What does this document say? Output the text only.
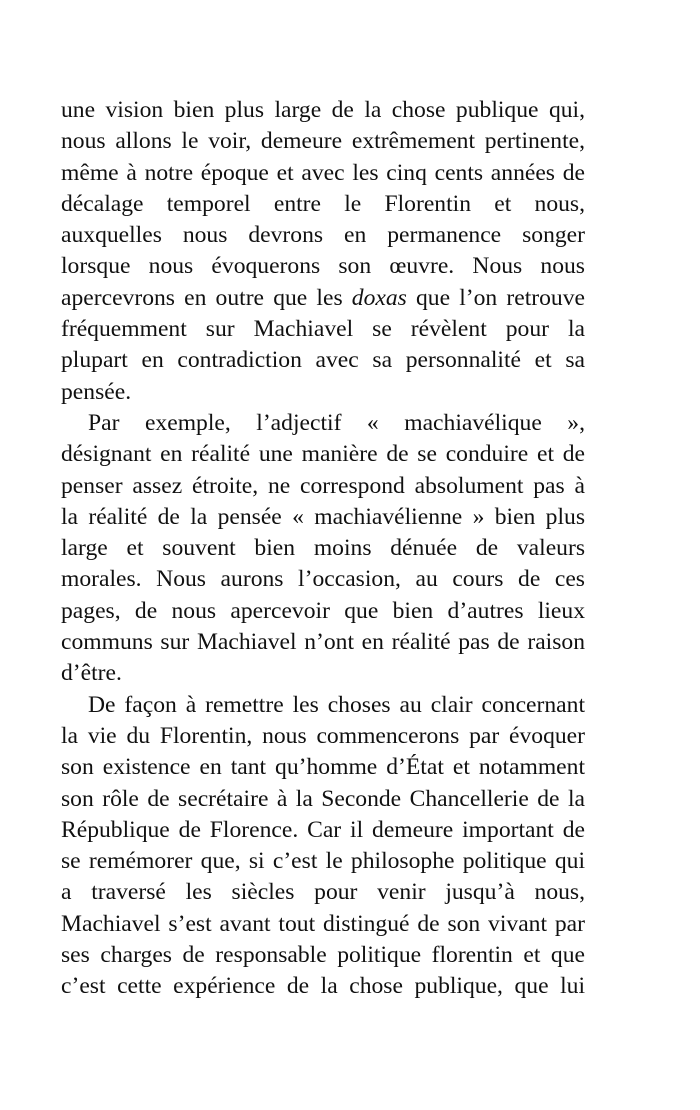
une vision bien plus large de la chose publique qui,
nous allons le voir, demeure extrêmement pertinente,
même à notre époque et avec les cinq cents années de
décalage temporel entre le Florentin et nous,
auxquelles nous devrons en permanence songer
lorsque nous évoquerons son œuvre. Nous nous
apercevrons en outre que les doxas que l’on retrouve
fréquemment sur Machiavel se révèlent pour la
plupart en contradiction avec sa personnalité et sa
pensée.
Par exemple, l’adjectif « machiavélique »,
désignant en réalité une manière de se conduire et de
penser assez étroite, ne correspond absolument pas à
la réalité de la pensée « machiavélienne » bien plus
large et souvent bien moins dénuée de valeurs
morales. Nous aurons l’occasion, au cours de ces
pages, de nous apercevoir que bien d’autres lieux
communs sur Machiavel n’ont en réalité pas de raison
d’être.
De façon à remettre les choses au clair concernant
la vie du Florentin, nous commencerons par évoquer
son existence en tant qu’homme d’État et notamment
son rôle de secrétaire à la Seconde Chancellerie de la
République de Florence. Car il demeure important de
se remémorer que, si c’est le philosophe politique qui
a traversé les siècles pour venir jusqu’à nous,
Machiavel s’est avant tout distingué de son vivant par
ses charges de responsable politique florentin et que
c’est cette expérience de la chose publique, que lui
